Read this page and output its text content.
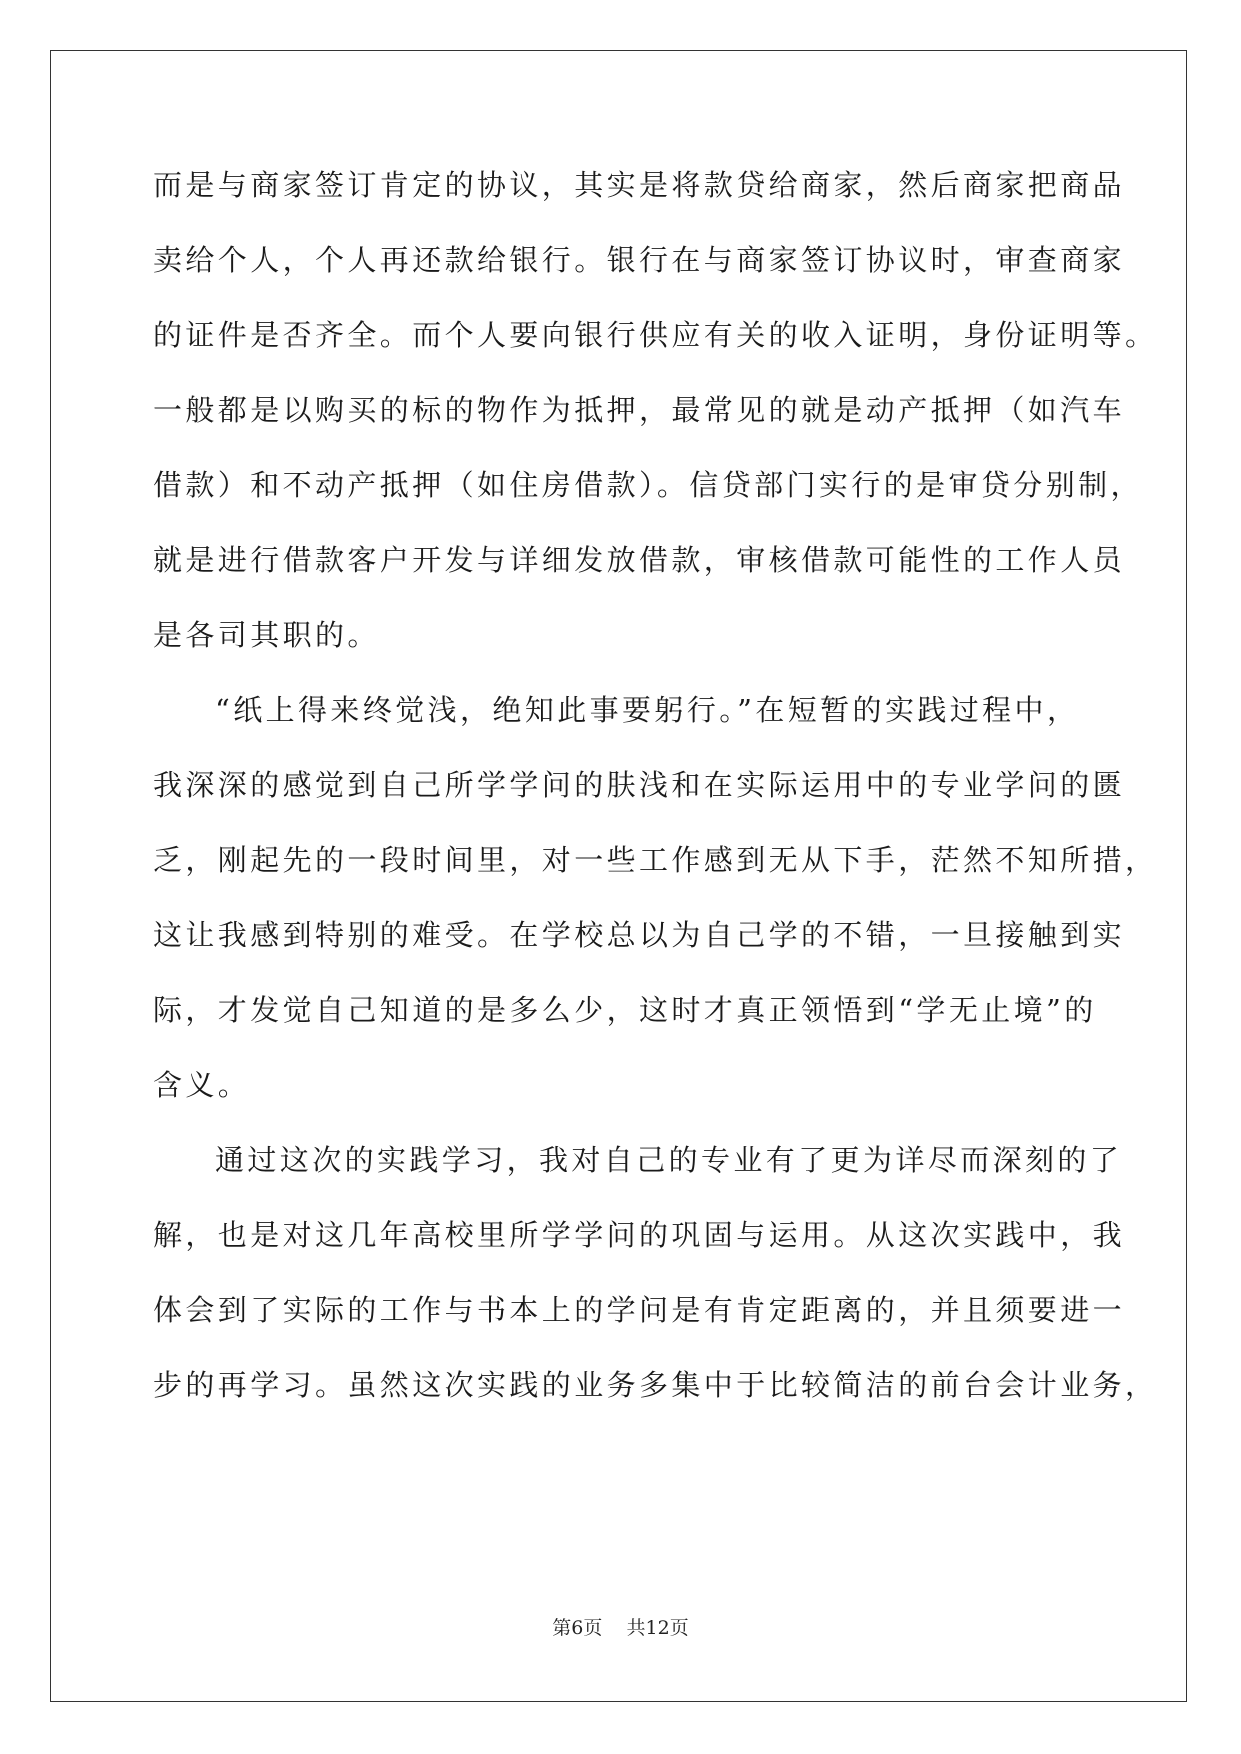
而是与商家签订肯定的协议，其实是将款贷给商家，然后商家把商品
卖给个人，个人再还款给银行。银行在与商家签订协议时，审查商家
的证件是否齐全。而个人要向银行供应有关的收入证明，身份证明等。
一般都是以购买的标的物作为抵押，最常见的就是动产抵押（如汽车
借款）和不动产抵押（如住房借款）。信贷部门实行的是审贷分别制，
就是进行借款客户开发与详细发放借款，审核借款可能性的工作人员
是各司其职的。
“纸上得来终觉浅，绝知此事要躬行。”在短暂的实践过程中，
我深深的感觉到自己所学学问的肤浅和在实际运用中的专业学问的匮
乏，刚起先的一段时间里，对一些工作感到无从下手，茫然不知所措，
这让我感到特别的难受。在学校总以为自己学的不错，一旦接触到实
际，才发觉自己知道的是多么少，这时才真正领悟到“学无止境”的
含义。
通过这次的实践学习，我对自己的专业有了更为详尽而深刻的了
解，也是对这几年高校里所学学问的巩固与运用。从这次实践中，我
体会到了实际的工作与书本上的学问是有肯定距离的，并且须要进一
步的再学习。虽然这次实践的业务多集中于比较简洁的前台会计业务，
第6页    共12页
